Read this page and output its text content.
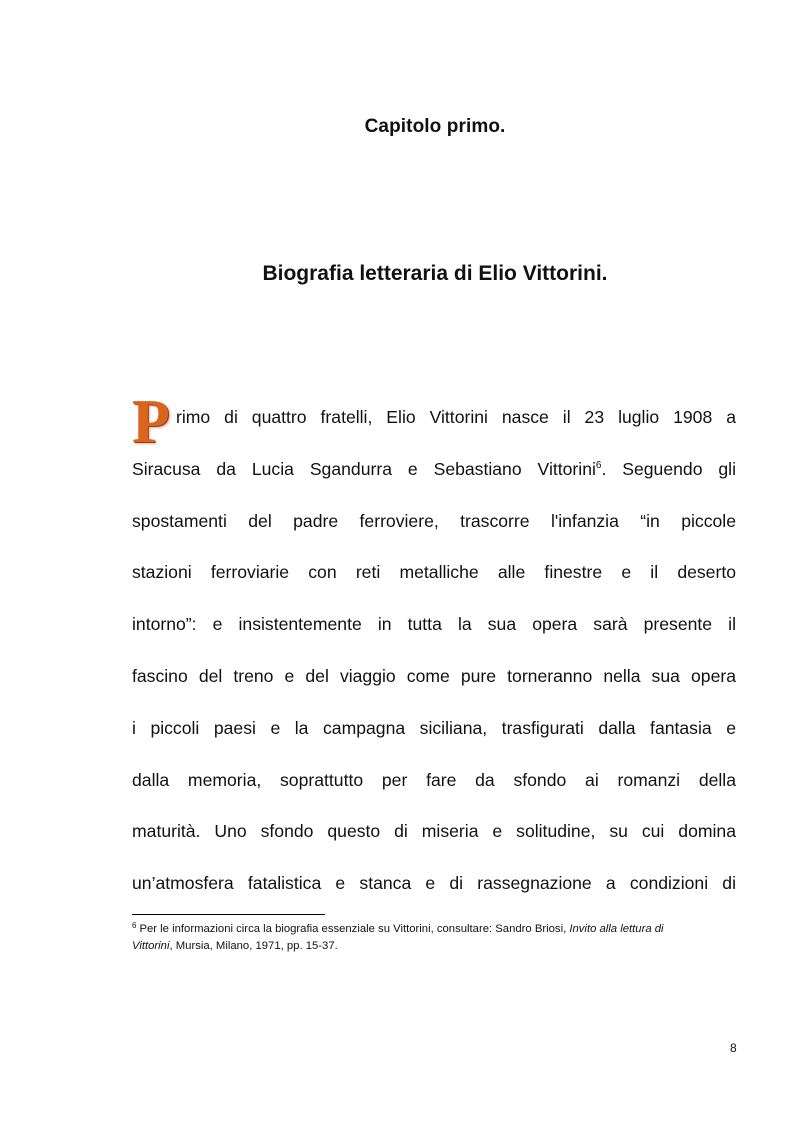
Capitolo primo.
Biografia letteraria di Elio Vittorini.
P rimo di quattro fratelli, Elio Vittorini nasce il 23 luglio 1908 a
Siracusa da Lucia Sgandurra e Sebastiano Vittorini$^6$. Seguendo gli
spostamenti del padre ferroviere, trascorre l'infanzia “in piccole
stazioni ferroviarie con reti metalliche alle finestre e il deserto
intorno”: e insistentemente in tutta la sua opera sarà presente il
fascino del treno e del viaggio come pure torneranno nella sua opera
i piccoli paesi e la campagna siciliana, trasfigurati dalla fantasia e
dalla memoria, soprattutto per fare da sfondo ai romanzi della
maturità. Uno sfondo questo di miseria e solitudine, su cui domina
un’atmosfera fatalistica e stanca e di rassegnazione a condizioni di
$^6$ Per le informazioni circa la biografia essenziale su Vittorini, consultare: Sandro Briosi, Invito alla lettura di
Vittorini, Mursia, Milano, 1971, pp. 15-37.
8
